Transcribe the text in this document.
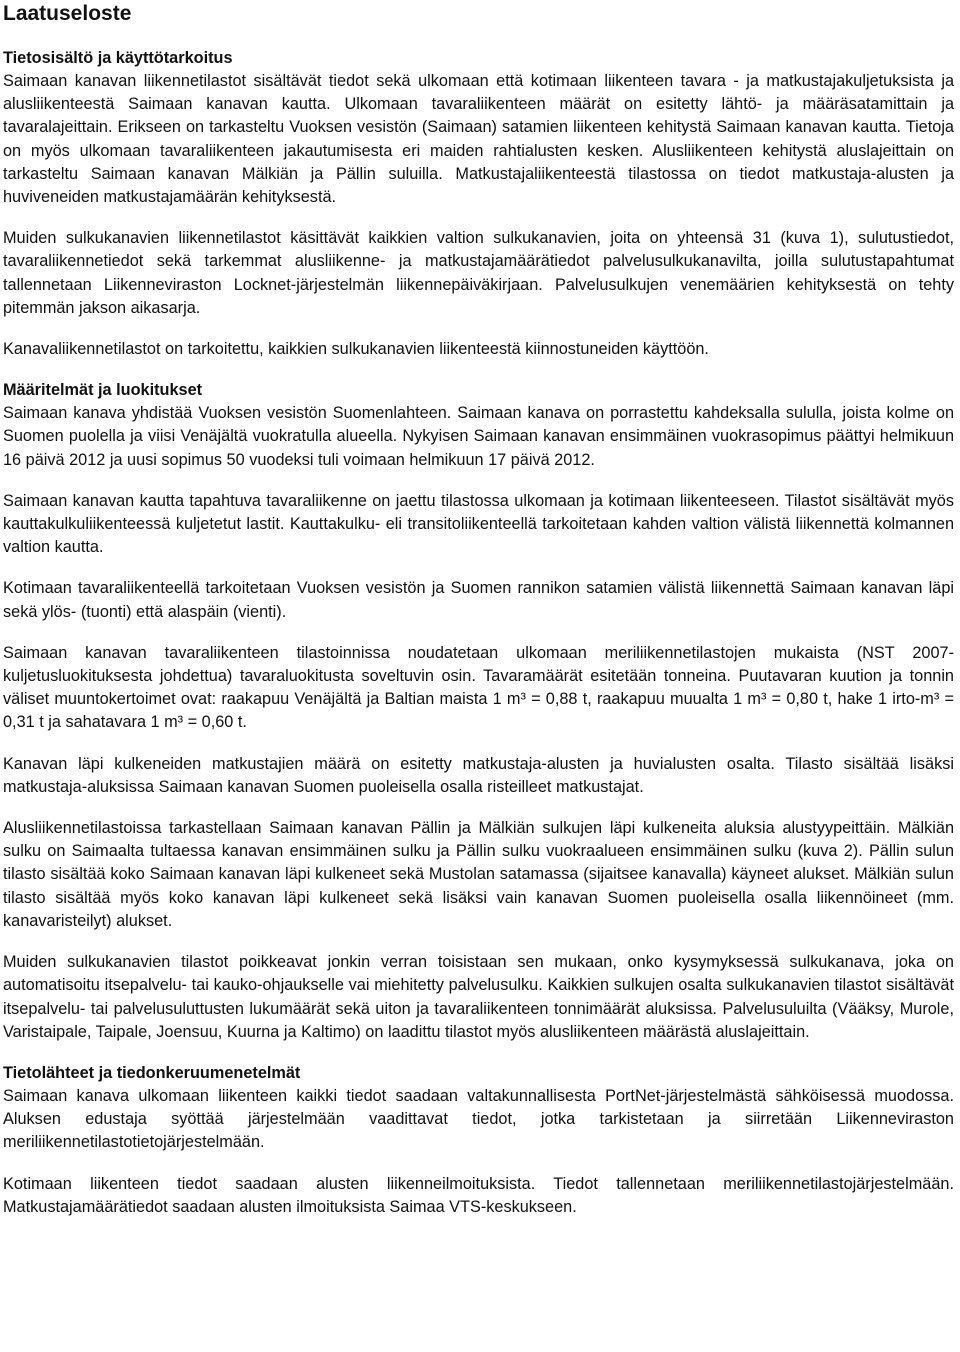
Laatuseloste
Tietosisältö ja käyttötarkoitus

Saimaan kanavan liikennetilastot sisältävät tiedot sekä ulkomaan että kotimaan liikenteen tavara - ja matkustajakuljetuksista ja alusliikenteestä Saimaan kanavan kautta. Ulkomaan tavaraliikenteen määrät on esitetty lähtö- ja määräsatamittain ja tavaralajeittain. Erikseen on tarkasteltu Vuoksen vesistön (Saimaan) satamien liikenteen kehitystä Saimaan kanavan kautta. Tietoja on myös ulkomaan tavaraliikenteen jakautumisesta eri maiden rahtialusten kesken. Alusliikenteen kehitystä aluslajeittain on tarkasteltu Saimaan kanavan Mälkiän ja Pällin suluilla. Matkustajaliikenteestä tilastossa on tiedot matkustaja-alusten ja huviveneiden matkustajamäärän kehityksestä.

Muiden sulkukanavien liikennetilastot käsittävät kaikkien valtion sulkukanavien, joita on yhteensä 31 (kuva 1), sulutustiedot, tavaraliikennetiedot sekä tarkemmat alusliikenne- ja matkustajamäärätiedot palvelusulkukanavilta, joilla sulutustapahtumat tallennetaan Liikenneviraston Locknet-järjestelmän liikennepäiväkirjaan. Palvelusulkujen venemäärien kehityksestä on tehty pitemmän jakson aikasarja.

Kanavaliikennetilastot on tarkoitettu, kaikkien sulkukanavien liikenteestä kiinnostuneiden käyttöön.

Määritelmät ja luokitukset

Saimaan kanava yhdistää Vuoksen vesistön Suomenlahteen. Saimaan kanava on porrastettu kahdeksalla sululla, joista kolme on Suomen puolella ja viisi Venäjältä vuokratulla alueella. Nykyisen Saimaan kanavan ensimmäinen vuokrasopimus päättyi helmikuun 16 päivä 2012 ja uusi sopimus 50 vuodeksi tuli voimaan helmikuun 17 päivä 2012.

Saimaan kanavan kautta tapahtuva tavaraliikenne on jaettu tilastossa ulkomaan ja kotimaan liikenteeseen. Tilastot sisältävät myös kauttakulkuliikenteessä kuljetetut lastit. Kauttakulku- eli transitoliikenteellä tarkoitetaan kahden valtion välistä liikennettä kolmannen valtion kautta.

Kotimaan tavaraliikenteellä tarkoitetaan Vuoksen vesistön ja Suomen rannikon satamien välistä liikennettä Saimaan kanavan läpi sekä ylös- (tuonti) että alaspäin (vienti).

Saimaan kanavan tavaraliikenteen tilastoinnissa noudatetaan ulkomaan meriliikennetilastojen mukaista (NST 2007-kuljetusluokituksesta johdettua) tavaraluokitusta soveltuvin osin. Tavaramäärät esitetään tonneina. Puutavaran kuution ja tonnin väliset muuntokertoimet ovat: raakapuu Venäjältä ja Baltian maista 1 m³ = 0,88 t, raakapuu muualta 1 m³ = 0,80 t, hake 1 irto-m³ = 0,31 t ja sahatavara 1 m³ = 0,60 t.

Kanavan läpi kulkeneiden matkustajien määrä on esitetty matkustaja-alusten ja huvialusten osalta. Tilasto sisältää lisäksi matkustaja-aluksissa Saimaan kanavan Suomen puoleisella osalla risteilleet matkustajat.

Alusliikennetilastoissa tarkastellaan Saimaan kanavan Pällin ja Mälkiän sulkujen läpi kulkeneita aluksia alustyypeittäin. Mälkiän sulku on Saimaalta tultaessa kanavan ensimmäinen sulku ja Pällin sulku vuokraalueen ensimmäinen sulku (kuva 2). Pällin sulun tilasto sisältää koko Saimaan kanavan läpi kulkeneet sekä Mustolan satamassa (sijaitsee kanavalla) käyneet alukset. Mälkiän sulun tilasto sisältää myös koko kanavan läpi kulkeneet sekä lisäksi vain kanavan Suomen puoleisella osalla liikennöineet (mm. kanavaristeilyt) alukset.

Muiden sulkukanavien tilastot poikkeavat jonkin verran toisistaan sen mukaan, onko kysymyksessä sulkukanava, joka on automatisoitu itsepalvelu- tai kauko-ohjaukselle vai miehitetty palvelusulku. Kaikkien sulkujen osalta sulkukanavien tilastot sisältävät itsepalvelu- tai palvelusuluttusten lukumäärät sekä uiton ja tavaraliikenteen tonnimäärät aluksissa. Palvelusuluilta (Vääksy, Murole, Varistaipale, Taipale, Joensuu, Kuurna ja Kaltimo) on laadittu tilastot myös alusliikenteen määrästä aluslajeittain.

Tietolähteet ja tiedonkeruumenetelmät

Saimaan kanava ulkomaan liikenteen kaikki tiedot saadaan valtakunnallisesta PortNet-järjestelmästä sähköisessä muodossa. Aluksen edustaja syöttää järjestelmään vaadittavat tiedot, jotka tarkistetaan ja siirretään Liikenneviraston meriliikennetilastotietojärjestelmään.

Kotimaan liikenteen tiedot saadaan alusten liikenneilmoituksista. Tiedot tallennetaan meriliikennetilastojärjestelmään. Matkustajamäärätiedot saadaan alusten ilmoituksista Saimaa VTS-keskukseen.
